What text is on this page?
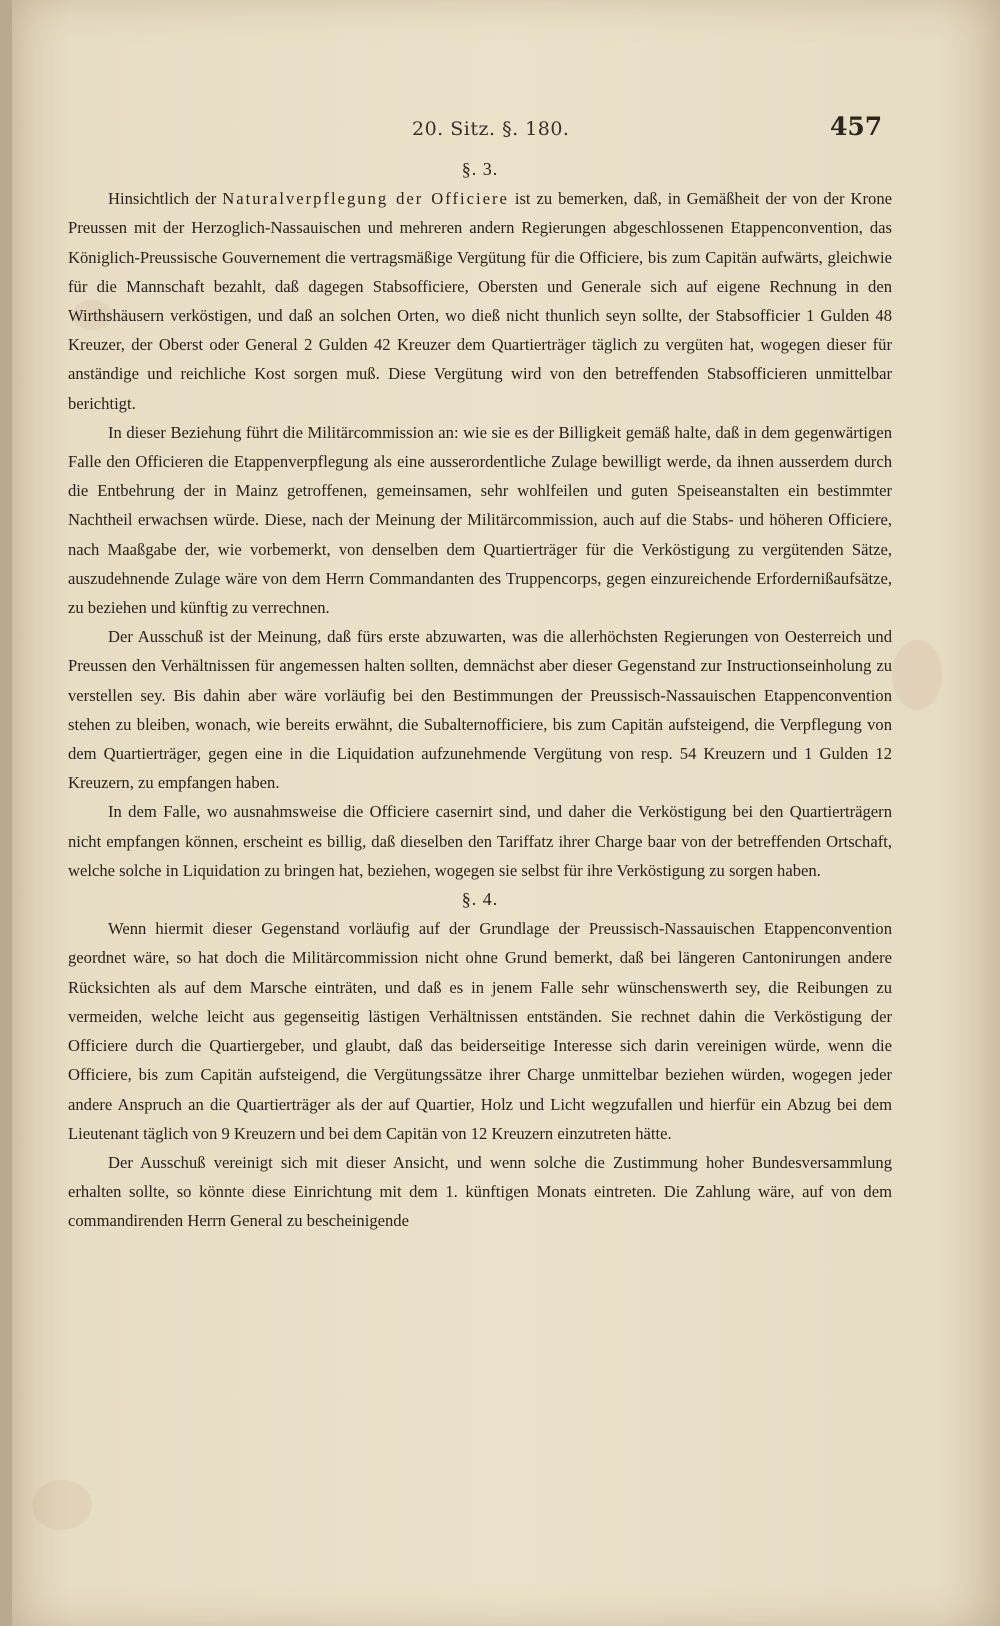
20. Sitz. §. 180.	457

§. 3.

Hinsichtlich der Naturalverpflegung der Officiere ist zu bemerken, daß, in Gemäßheit der von der Krone Preussen mit der Herzoglich-Nassauischen und mehreren andern Regierungen abgeschlossenen Etappenconvention, das Königlich-Preussische Gouvernement die vertragsmäßige Vergütung für die Officiere, bis zum Capitän aufwärts, gleichwie für die Mannschaft bezahlt, daß dagegen Stabsofficiere, Obersten und Generale sich auf eigene Rechnung in den Wirthshäusern verköstigen, und daß an solchen Orten, wo dieß nicht thunlich seyn sollte, der Stabsofficier 1 Gulden 48 Kreuzer, der Oberst oder General 2 Gulden 42 Kreuzer dem Quartierträger täglich zu vergüten hat, wogegen dieser für anständige und reichliche Kost sorgen muß. Diese Vergütung wird von den betreffenden Stabsofficieren unmittelbar berichtigt.

In dieser Beziehung führt die Militärcommission an: wie sie es der Billigkeit gemäß halte, daß in dem gegenwärtigen Falle den Officieren die Etappenverpflegung als eine ausserordentliche Zulage bewilligt werde, da ihnen ausserdem durch die Entbehrung der in Mainz getroffenen, gemeinsamen, sehr wohlfeilen und guten Speiseanstalten ein bestimmter Nachtheil erwachsen würde. Diese, nach der Meinung der Militärcommission, auch auf die Stabs- und höheren Officiere, nach Maaßgabe der, wie vorbemerkt, von denselben dem Quartierträger für die Verköstigung zu vergütenden Sätze, auszudehnende Zulage wäre von dem Herrn Commandanten des Truppencorps, gegen einzureichende Erfordernißaufsätze, zu beziehen und künftig zu verrechnen.

Der Ausschuß ist der Meinung, daß fürs erste abzuwarten, was die allerhöchsten Regierungen von Oesterreich und Preussen den Verhältnissen für angemessen halten sollten, demnächst aber dieser Gegenstand zur Instructionseinholung zu verstellen sey. Bis dahin aber wäre vorläufig bei den Bestimmungen der Preussisch-Nassauischen Etappenconvention stehen zu bleiben, wonach, wie bereits erwähnt, die Subalternofficiere, bis zum Capitän aufsteigend, die Verpflegung von dem Quartierträger, gegen eine in die Liquidation aufzunehmende Vergütung von resp. 54 Kreuzern und 1 Gulden 12 Kreuzern, zu empfangen haben.

In dem Falle, wo ausnahmsweise die Officiere casernirt sind, und daher die Verköstigung bei den Quartierträgern nicht empfangen können, erscheint es billig, daß dieselben den Tariffatz ihrer Charge baar von der betreffenden Ortschaft, welche solche in Liquidation zu bringen hat, beziehen, wogegen sie selbst für ihre Verköstigung zu sorgen haben.

§. 4.

Wenn hiermit dieser Gegenstand vorläufig auf der Grundlage der Preussisch-Nassauischen Etappenconvention geordnet wäre, so hat doch die Militärcommission nicht ohne Grund bemerkt, daß bei längeren Cantonirungen andere Rücksichten als auf dem Marsche einträten, und daß es in jenem Falle sehr wünschenswerth sey, die Reibungen zu vermeiden, welche leicht aus gegenseitig lästigen Verhältnissen entständen. Sie rechnet dahin die Verköstigung der Officiere durch die Quartiergeber, und glaubt, daß das beiderseitige Interesse sich darin vereinigen würde, wenn die Officiere, bis zum Capitän aufsteigend, die Vergütungssätze ihrer Charge unmittelbar beziehen würden, wogegen jeder andere Anspruch an die Quartierträger als der auf Quartier, Holz und Licht wegzufallen und hierfür ein Abzug bei dem Lieutenant täglich von 9 Kreuzern und bei dem Capitän von 12 Kreuzern einzutreten hätte.

Der Ausschuß vereinigt sich mit dieser Ansicht, und wenn solche die Zustimmung hoher Bundesversammlung erhalten sollte, so könnte diese Einrichtung mit dem 1. künftigen Monats eintreten. Die Zahlung wäre, auf von dem commandirenden Herrn General zu bescheinigende
